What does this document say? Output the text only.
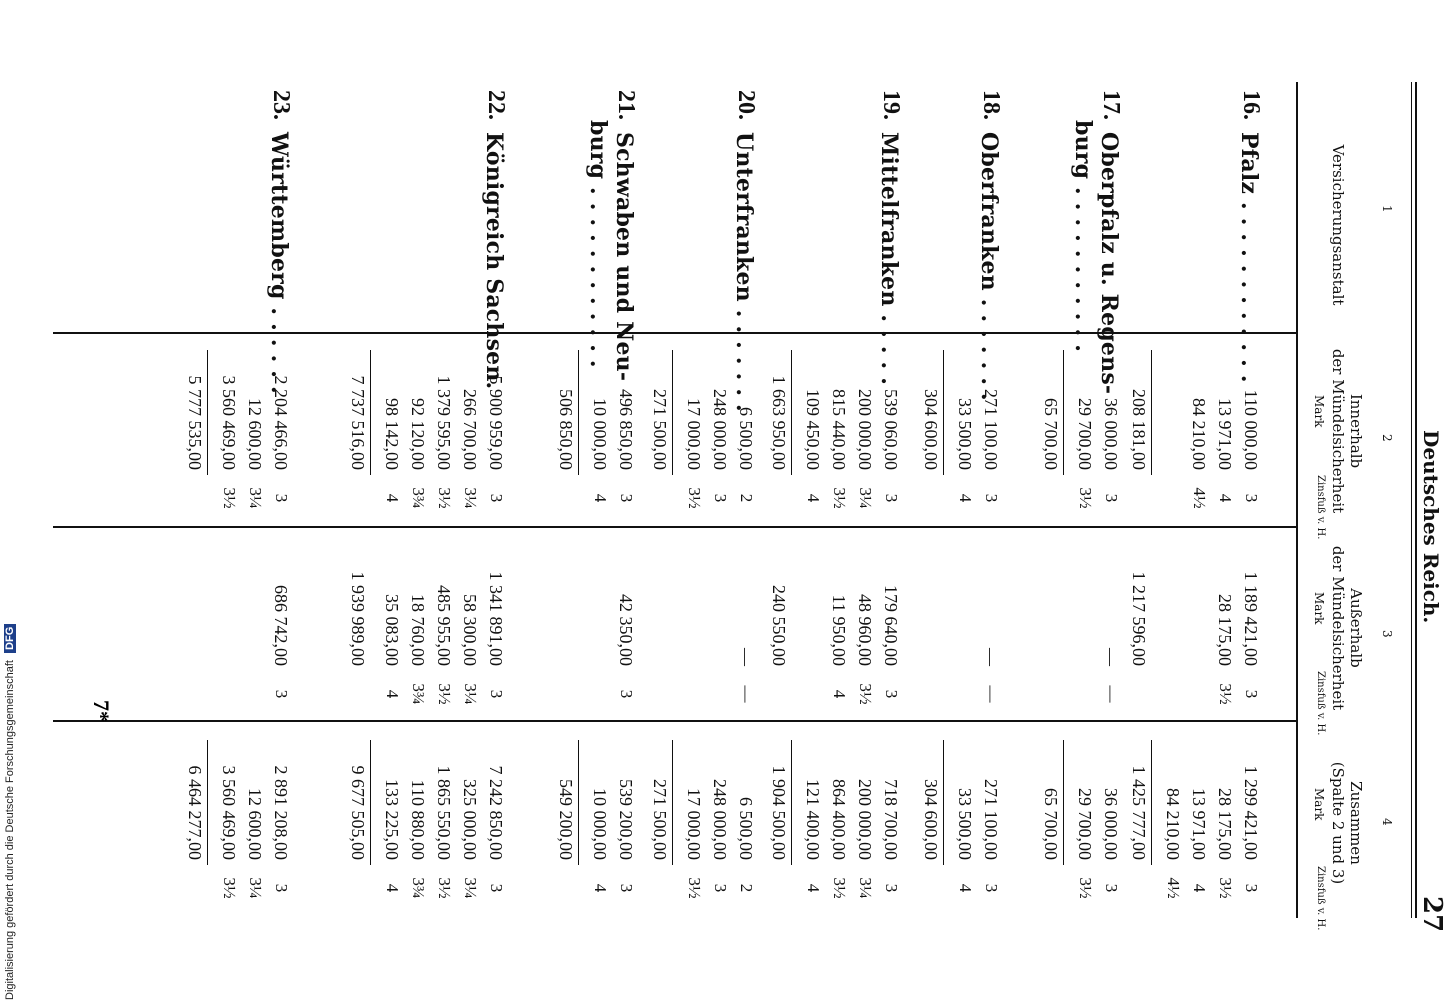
Deutsches Reich.
27
1
2
3
4
Versicherungsanstalt
Innerhalb
der Mündelsicherheit
Außerhalb
der Mündelsicherheit
Zusammen
(Spalte 2 und 3)
Mark
Zinsfuß v. H.
Mark
Zinsfuß v. H.
Mark
Zinsfuß v. H.
16.
Pfalz . . . . . . . . . . . .
110 000,00
3
1 189 421,00
3
1 299 421,00
3
13 971,00
4
28 175,00
3½
28 175,00
3½
84 210,00
4½
13 971,00
4
84 210,00
4½
208 181,00
1 217 596,00
1 425 777,00
17.
Oberpfalz u. Regens-
burg . . . . . . . . . . .
36 000,00
3
—
—
36 000,00
3
29 700,00
3½
29 700,00
3½
65 700,00
65 700,00
18.
Oberfranken . . . . . . .
271 100,00
3
—
—
271 100,00
3
33 500,00
4
33 500,00
4
304 600,00
304 600,00
19.
Mittelfranken . . . . .
539 060,00
3
179 640,00
3
718 700,00
3
200 000,00
3¼
48 960,00
3½
200 000,00
3¼
815 440,00
3½
11 950,00
4
864 400,00
3½
109 450,00
4
121 400,00
4
1 663 950,00
240 550,00
1 904 500,00
20.
Unterfranken . . . . . . .
6 500,00
2
—
—
6 500,00
2
248 000,00
3
248 000,00
3
17 000,00
3½
17 000,00
3½
271 500,00
271 500,00
21.
Schwaben und Neu-
burg . . . . . . . . . . . .
496 850,00
3
42 350,00
3
539 200,00
3
10 000,00
4
10 000,00
4
506 850,00
549 200,00
22.
Königreich Sachsen.
5 900 959,00
3
1 341 891,00
3
7 242 850,00
3
266 700,00
3¼
58 300,00
3¼
325 000,00
3¼
1 379 595,00
3½
485 955,00
3½
1 865 550,00
3½
92 120,00
3¾
18 760,00
3¾
110 880,00
3¾
98 142,00
4
35 083,00
4
133 225,00
4
7 737 516,00
1 939 989,00
9 677 505,00
23.
Württemberg . . . . . .
2 204 466,00
3
686 742,00
3
2 891 208,00
3
12 600,00
3¼
12 600,00
3¼
3 560 469,00
3½
3 560 469,00
3½
5 777 535,00
6 464 277,00
Digitalisierung gefördert durch die Deutsche Forschungsgemeinschaft DFG
7*
